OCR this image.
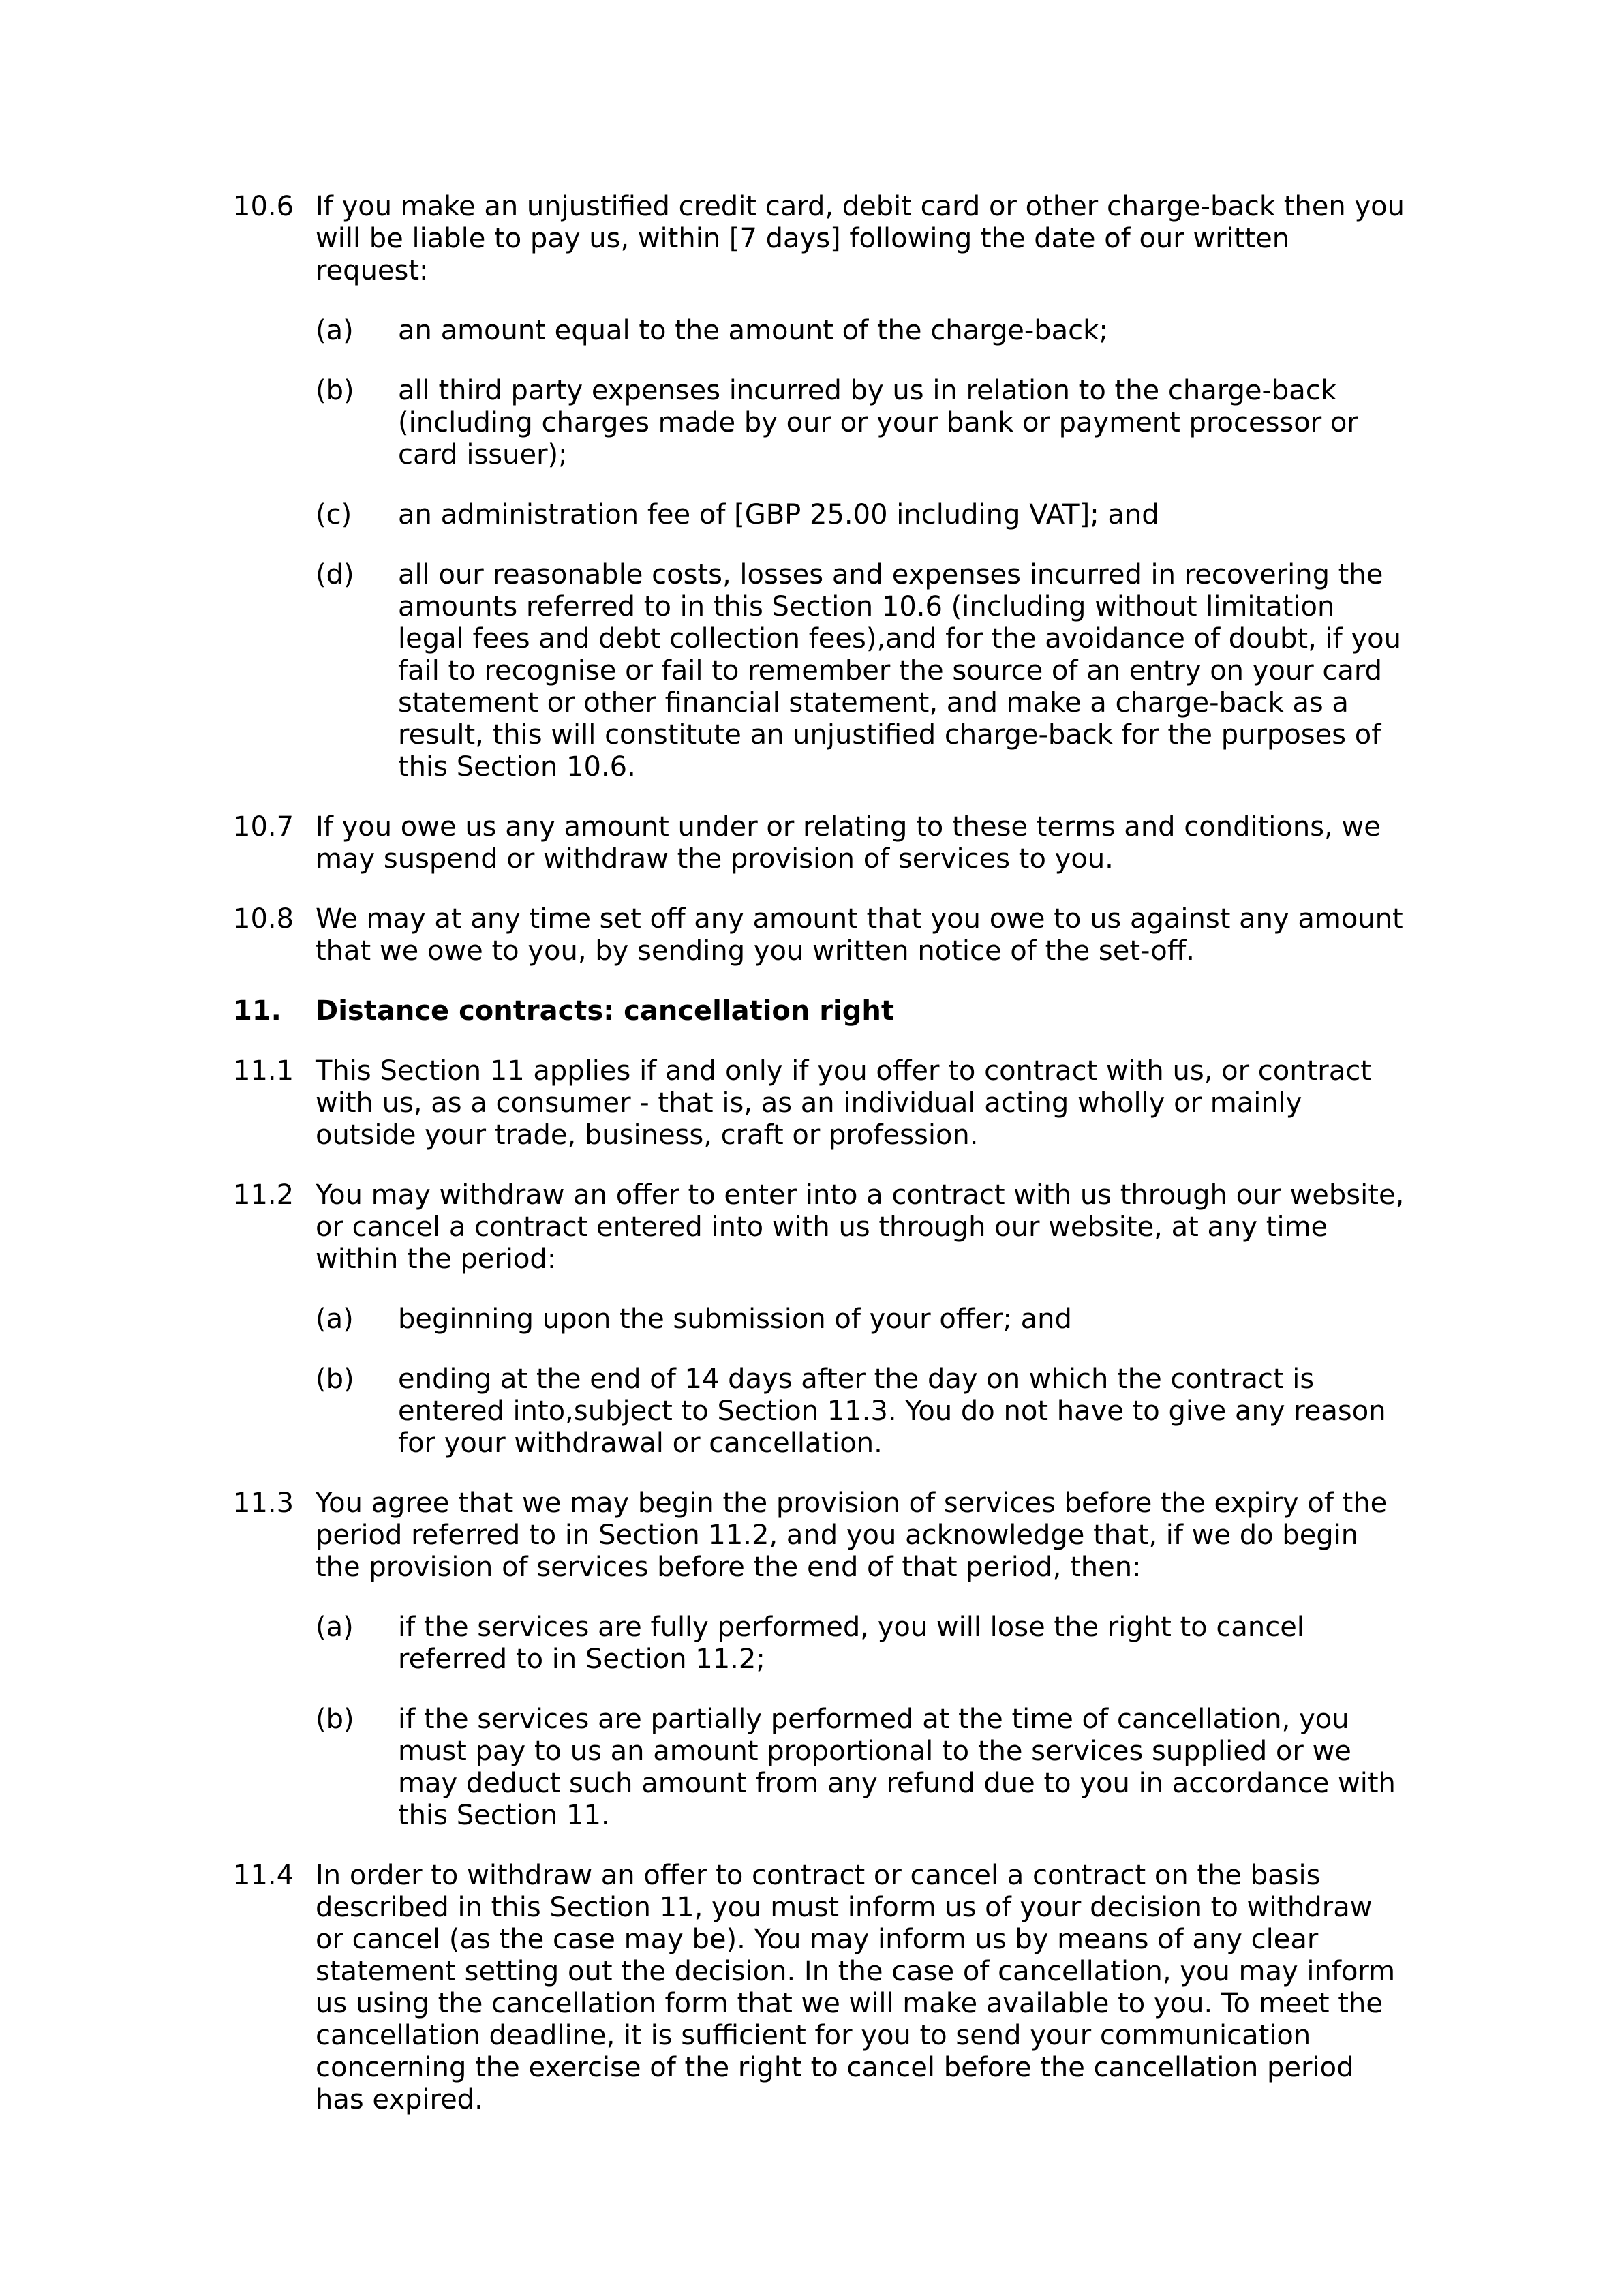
10.6 If you make an unjustified credit card, debit card or other charge-back then you will be liable to pay us, within [7 days] following the date of our written request:
(a) an amount equal to the amount of the charge-back;
(b) all third party expenses incurred by us in relation to the charge-back (including charges made by our or your bank or payment processor or card issuer);
(c) an administration fee of [GBP 25.00 including VAT]; and
(d) all our reasonable costs, losses and expenses incurred in recovering the amounts referred to in this Section 10.6 (including without limitation legal fees and debt collection fees),and for the avoidance of doubt, if you fail to recognise or fail to remember the source of an entry on your card statement or other financial statement, and make a charge-back as a result, this will constitute an unjustified charge-back for the purposes of this Section 10.6.
10.7 If you owe us any amount under or relating to these terms and conditions, we may suspend or withdraw the provision of services to you.
10.8 We may at any time set off any amount that you owe to us against any amount that we owe to you, by sending you written notice of the set-off.
11. Distance contracts: cancellation right
11.1 This Section 11 applies if and only if you offer to contract with us, or contract with us, as a consumer - that is, as an individual acting wholly or mainly outside your trade, business, craft or profession.
11.2 You may withdraw an offer to enter into a contract with us through our website, or cancel a contract entered into with us through our website, at any time within the period:
(a) beginning upon the submission of your offer; and
(b) ending at the end of 14 days after the day on which the contract is entered into,subject to Section 11.3. You do not have to give any reason for your withdrawal or cancellation.
11.3 You agree that we may begin the provision of services before the expiry of the period referred to in Section 11.2, and you acknowledge that, if we do begin the provision of services before the end of that period, then:
(a) if the services are fully performed, you will lose the right to cancel referred to in Section 11.2;
(b) if the services are partially performed at the time of cancellation, you must pay to us an amount proportional to the services supplied or we may deduct such amount from any refund due to you in accordance with this Section 11.
11.4 In order to withdraw an offer to contract or cancel a contract on the basis described in this Section 11, you must inform us of your decision to withdraw or cancel (as the case may be). You may inform us by means of any clear statement setting out the decision. In the case of cancellation, you may inform us using the cancellation form that we will make available to you. To meet the cancellation deadline, it is sufficient for you to send your communication concerning the exercise of the right to cancel before the cancellation period has expired.
